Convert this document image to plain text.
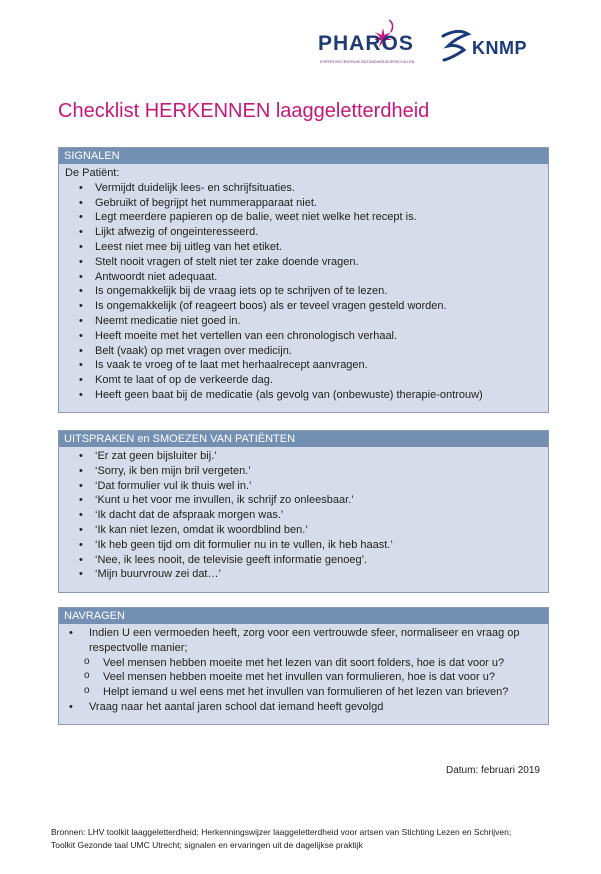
PHAROS
EXPERTISECENTRUM GEZONDHEIDSVERSCHILLEN
KNMP
Checklist HERKENNEN laaggeletterdheid
SIGNALEN
De Patiënt:
• Vermijdt duidelijk lees- en schrijfsituaties.
• Gebruikt of begrijpt het nummerapparaat niet.
• Legt meerdere papieren op de balie, weet niet welke het recept is.
• Lijkt afwezig of ongeinteresseerd.
• Leest niet mee bij uitleg van het etiket.
• Stelt nooit vragen of stelt niet ter zake doende vragen.
• Antwoordt niet adequaat.
• Is ongemakkelijk bij de vraag iets op te schrijven of te lezen.
• Is ongemakkelijk (of reageert boos) als er teveel vragen gesteld worden.
• Neemt medicatie niet goed in.
• Heeft moeite met het vertellen van een chronologisch verhaal.
• Belt (vaak) op met vragen over medicijn.
• Is vaak te vroeg of te laat met herhaalrecept aanvragen.
• Komt te laat of op de verkeerde dag.
• Heeft geen baat bij de medicatie (als gevolg van (onbewuste) therapie-ontrouw)
UITSPRAKEN en SMOEZEN VAN PATIËNTEN
• ‘Er zat geen bijsluiter bij.’
• ‘Sorry, ik ben mijn bril vergeten.’
• ‘Dat formulier vul ik thuis wel in.’
• ‘Kunt u het voor me invullen, ik schrijf zo onleesbaar.’
• ‘Ik dacht dat de afspraak morgen was.’
• ‘Ik kan niet lezen, omdat ik woordblind ben.’
• ‘Ik heb geen tijd om dit formulier nu in te vullen, ik heb haast.’
• ‘Nee, ik lees nooit, de televisie geeft informatie genoeg’.
• ‘Mijn buurvrouw zei dat…’
NAVRAGEN
• Indien U een vermoeden heeft, zorg voor een vertrouwde sfeer, normaliseer en vraag op
respectvolle manier;
o Veel mensen hebben moeite met het lezen van dit soort folders, hoe is dat voor u?
o Veel mensen hebben moeite met het invullen van formulieren, hoe is dat voor u?
o Helpt iemand u wel eens met het invullen van formulieren of het lezen van brieven?
• Vraag naar het aantal jaren school dat iemand heeft gevolgd
Datum: februari 2019
Bronnen: LHV toolkit laaggeletterdheid; Herkenningswijzer laaggeletterdheid voor artsen van Stichting Lezen en Schrijven;
Toolkit Gezonde taal UMC Utrecht; signalen en ervaringen uit de dagelijkse praktijk
